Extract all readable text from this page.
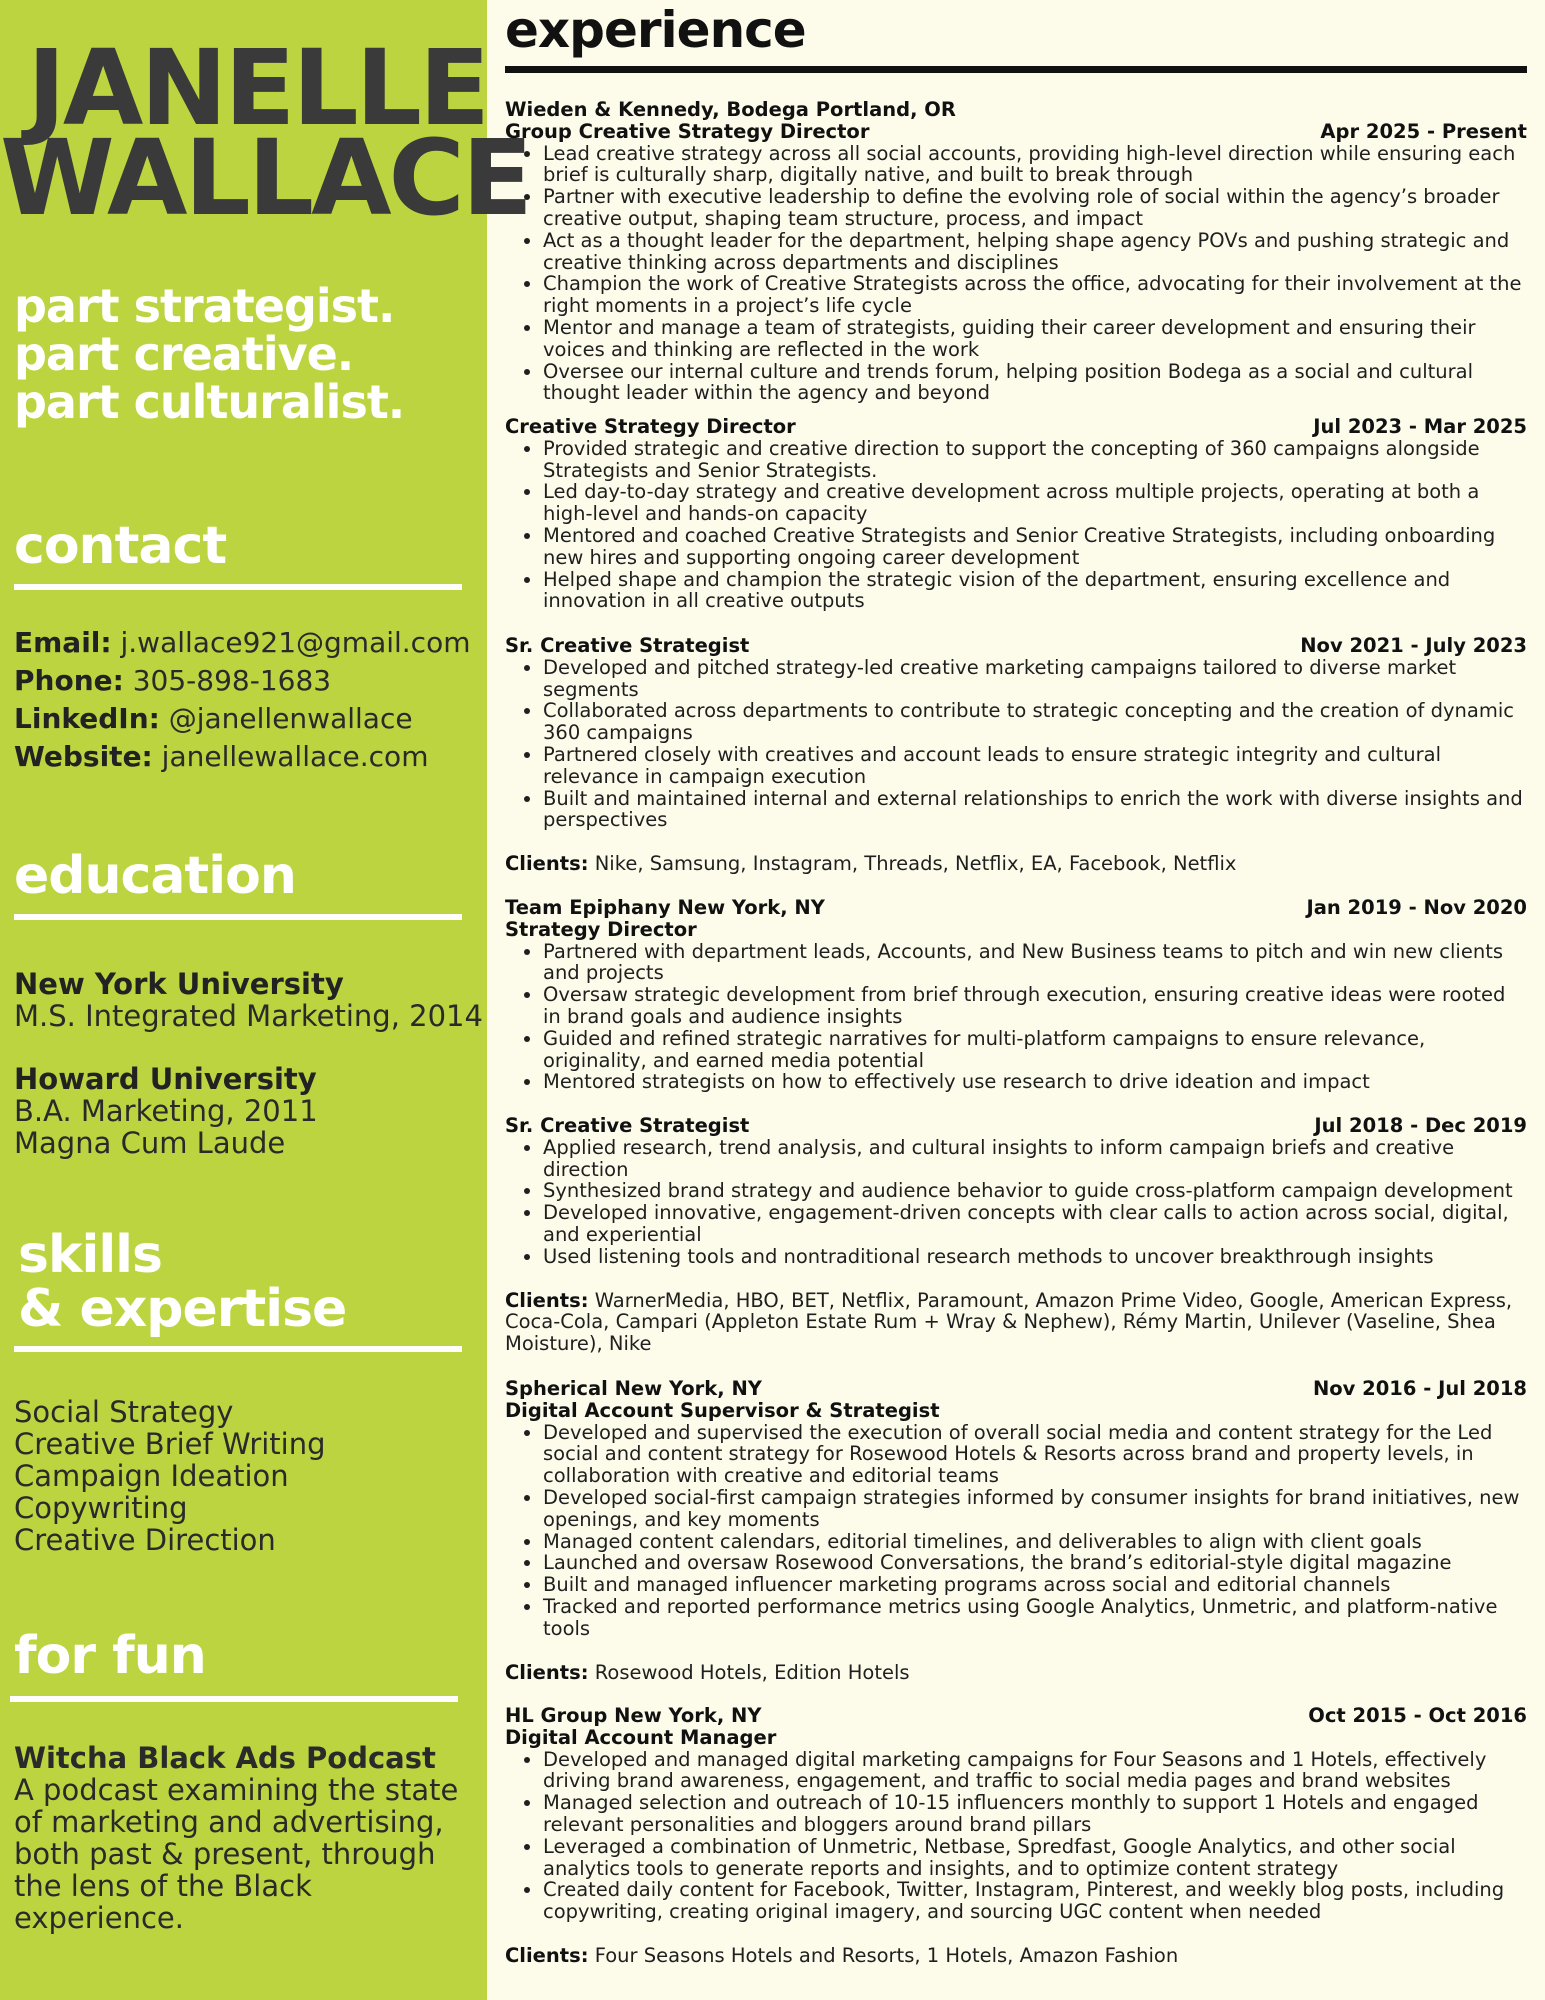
JANELLE
WALLACE
part strategist.
part creative.
part culturalist.
contact
Email: j.wallace921@gmail.com
Phone: 305-898-1683
LinkedIn: @janellenwallace
Website: janellewallace.com
education
New York University
M.S. Integrated Marketing, 2014
Howard University
B.A. Marketing, 2011
Magna Cum Laude
skills
& expertise
Social Strategy
Creative Brief Writing
Campaign Ideation
Copywriting
Creative Direction
for fun
Witcha Black Ads Podcast
A podcast examining the state of marketing and advertising, both past & present, through the lens of the Black experience.
experience
Wieden & Kennedy, Bodega Portland, OR
Group Creative Strategy Director	Apr 2025 - Present
• Lead creative strategy across all social accounts, providing high-level direction while ensuring each brief is culturally sharp, digitally native, and built to break through
• Partner with executive leadership to define the evolving role of social within the agency’s broader creative output, shaping team structure, process, and impact
• Act as a thought leader for the department, helping shape agency POVs and pushing strategic and creative thinking across departments and disciplines
• Champion the work of Creative Strategists across the office, advocating for their involvement at the right moments in a project’s life cycle
• Mentor and manage a team of strategists, guiding their career development and ensuring their voices and thinking are reflected in the work
• Oversee our internal culture and trends forum, helping position Bodega as a social and cultural thought leader within the agency and beyond
Creative Strategy Director	Jul 2023 - Mar 2025
• Provided strategic and creative direction to support the concepting of 360 campaigns alongside Strategists and Senior Strategists.
• Led day-to-day strategy and creative development across multiple projects, operating at both a high-level and hands-on capacity
• Mentored and coached Creative Strategists and Senior Creative Strategists, including onboarding new hires and supporting ongoing career development
• Helped shape and champion the strategic vision of the department, ensuring excellence and innovation in all creative outputs
Sr. Creative Strategist	Nov 2021 - July 2023
• Developed and pitched strategy-led creative marketing campaigns tailored to diverse market segments
• Collaborated across departments to contribute to strategic concepting and the creation of dynamic 360 campaigns
• Partnered closely with creatives and account leads to ensure strategic integrity and cultural relevance in campaign execution
• Built and maintained internal and external relationships to enrich the work with diverse insights and perspectives
Clients: Nike, Samsung, Instagram, Threads, Netflix, EA, Facebook, Netflix
Team Epiphany New York, NY	Jan 2019 - Nov 2020
Strategy Director
• Partnered with department leads, Accounts, and New Business teams to pitch and win new clients and projects
• Oversaw strategic development from brief through execution, ensuring creative ideas were rooted in brand goals and audience insights
• Guided and refined strategic narratives for multi-platform campaigns to ensure relevance, originality, and earned media potential
• Mentored strategists on how to effectively use research to drive ideation and impact
Sr. Creative Strategist	Jul 2018 - Dec 2019
• Applied research, trend analysis, and cultural insights to inform campaign briefs and creative direction
• Synthesized brand strategy and audience behavior to guide cross-platform campaign development
• Developed innovative, engagement-driven concepts with clear calls to action across social, digital, and experiential
• Used listening tools and nontraditional research methods to uncover breakthrough insights
Clients: WarnerMedia, HBO, BET, Netflix, Paramount, Amazon Prime Video, Google, American Express, Coca-Cola, Campari (Appleton Estate Rum + Wray & Nephew), Rémy Martin, Unilever (Vaseline, Shea Moisture), Nike
Spherical New York, NY	Nov 2016 - Jul 2018
Digital Account Supervisor & Strategist
• Developed and supervised the execution of overall social media and content strategy for the Led social and content strategy for Rosewood Hotels & Resorts across brand and property levels, in collaboration with creative and editorial teams
• Developed social-first campaign strategies informed by consumer insights for brand initiatives, new openings, and key moments
• Managed content calendars, editorial timelines, and deliverables to align with client goals
• Launched and oversaw Rosewood Conversations, the brand’s editorial-style digital magazine
• Built and managed influencer marketing programs across social and editorial channels
• Tracked and reported performance metrics using Google Analytics, Unmetric, and platform-native tools
Clients: Rosewood Hotels, Edition Hotels
HL Group New York, NY	Oct 2015 - Oct 2016
Digital Account Manager
• Developed and managed digital marketing campaigns for Four Seasons and 1 Hotels, effectively driving brand awareness, engagement, and traffic to social media pages and brand websites
• Managed selection and outreach of 10-15 influencers monthly to support 1 Hotels and engaged relevant personalities and bloggers around brand pillars
• Leveraged a combination of Unmetric, Netbase, Spredfast, Google Analytics, and other social analytics tools to generate reports and insights, and to optimize content strategy
• Created daily content for Facebook, Twitter, Instagram, Pinterest, and weekly blog posts, including copywriting, creating original imagery, and sourcing UGC content when needed
Clients: Four Seasons Hotels and Resorts, 1 Hotels, Amazon Fashion
